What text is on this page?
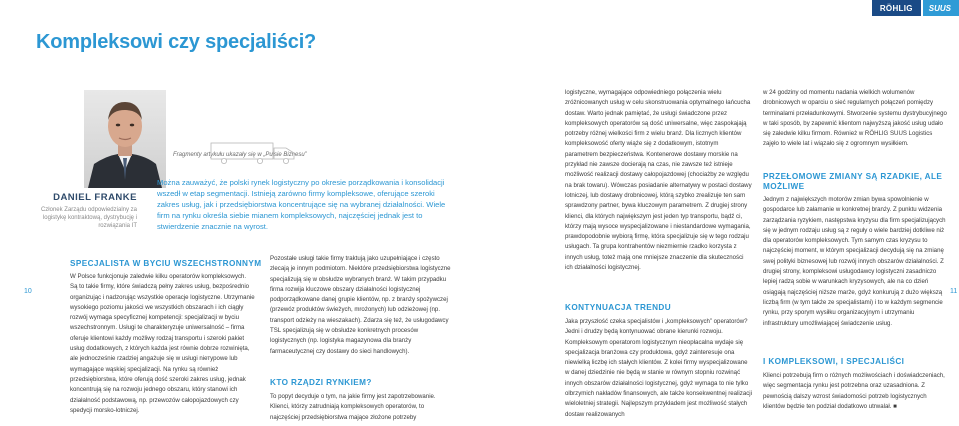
RÖHLIG	SUUS
Kompleksowi czy specjaliści?
Fragmenty artykułu ukazały się w „Pulsie Biznesu”
DANIEL FRANKE
Członek Zarządu odpowiedzialny za logistykę kontraktową, dystrybucję i rozwiązania IT

Można zauważyć, że polski rynek logistyczny po okresie porządkowania i konsolidacji wszedł w etap segmentacji. Istnieją zarówno firmy kompleksowe, oferujące szeroki zakres usług, jak i przedsiębiorstwa koncentrujące się na wybranej działalności. Wiele firm na rynku określa siebie mianem kompleksowych, najczęściej jednak jest to stwierdzenie znacznie na wyrost.

10	11
SPECJALISTA W BYCIU WSZECHSTRONNYM

W Polsce funkcjonuje zaledwie kilku operatorów kompleksowych. Są to takie firmy, które świadczą pełny zakres usług, bezpośrednio organizując i nadzorując wszystkie operacje logistyczne. Utrzymanie wysokiego poziomu jakości we wszystkich obszarach i ich ciągły rozwój wymaga specyficznej kompetencji: specjalizacji w byciu wszechstronnym. Usługi te charakteryzuje uniwersalność – firma oferuje klientowi każdy możliwy rodzaj transportu i szeroki pakiet usług dodatkowych, z których każda jest równie dobrze rozwinięta, ale jednocześnie rzadziej angażuje się w usługi niетypowe lub wymagające wąskiej specjalizacji. Na rynku są również przedsiębiorstwa, które oferują dość szeroki zakres usług, jednak koncentrują się na rozwoju jednego obszaru, który stanowi ich działalność podstawową, np. przewozów całopojazdowych czy spedycji morsko-lotniczej.

Pozostałe usługi takie firmy traktują jako uzupełniające i często zlecają je innym podmiotom. Niektóre przedsiębiorstwa logistyczne specjalizują się w obsłudze wybranych branż. W takim przypadku firma rozwija kluczowe obszary działalności logistycznej podporządkowane danej grupie klientów, np. z branży spożywczej (przewóz produktów świeżych, mrożonych) lub odzieżowej (np. transport odzieży na wieszakach). Zdarza się też, że usługodawcy TSL specjalizują się w obsłudze konkretnych procesów logistycznych (np. logistyka magazynowa dla branży farmaceutycznej czy dostawy do sieci handlowych).

KTO RZĄDZI RYNKIEM?

To popyt decyduje o tym, na jakie firmy jest zapotrzebowanie. Klienci, którzy zatrudniają kompleksowych operatorów, to najczęściej przedsiębiorstwa mające złożone potrzeby

logistyczne, wymagające odpowiedniego połączenia wielu zróżnicowanych usług w celu skonstruowania optymalnego łańcucha dostaw. Warto jednak pamiętać, że usługi świadczone przez kompleksowych operatorów są dość uniwersalne, więc zaspokajają potrzeby różnej wielkości firm z wielu branż. Dla licznych klientów kompleksowość oferty wiąże się z dodatkowym, istotnym parametrem bezpieczeństwa. Kontenerowe dostawy morskie na przykład nie zawsze docierają na czas, nie zawsze też istnieje możliwość realizacji dostawy całopojazdowej (chociażby ze względu na brak towaru). Wówczas posiadanie alternatywy w postaci dostawy lotniczej, lub dostawy drobnicowej, którą szybko zrealizuje ten sam sprawdzony partner, bywa kluczowym parametrem. Z drugiej strony klienci, dla których największym jest jeden typ transportu, bądź ci, którzy mają wysoce wyspecjalizowane i niestandardowe wymagania, prawdopodobnie wybiorą firmę, która specjalizuje się w tego rodzaju usługach. Ta grupa kontrahentów niezmiernie rzadko korzysta z innych usług, toteż mają one mniejsze znaczenie dla skuteczności ich działalności logistycznej.

KONTYNUACJA TRENDU

Jaka przyszłość czeka specjalistów i „kompleksowych” operatorów? Jedni i drudzy będą kontynuować obrane kierunki rozwoju. Kompleksowym operatorom logistycznym nieopłacalna wydaje się specjalizacja branżowa czy produktowa, gdyż zainteresuje ona niewielką liczbę ich stałych klientów. Z kolei firmy wyspecjalizowane w danej dziedzinie nie będą w stanie w równym stopniu rozwinąć innych obszarów działalności logistycznej, gdyż wymaga to nie tylko olbrzymich nakładów finansowych, ale także konsekwentnej realizacji wieloletniej strategii. Najlepszym przykładem jest możliwość stałych dostaw realizowanych

w 24 godziny od momentu nadania wielkich wolumenów drobnicowych w oparciu o sieć regularnych połączeń pomiędzy terminalami przeładunkowymi. Stworzenie systemu dystrybucyjnego w taki sposób, by zapewnić klientom najwyższą jakość usług udało się zaledwie kilku firmom. Również w RÖHLIG SUUS Logistics zajęło to wiele lat i wiązało się z ogromnym wysiłkiem.

PRZEŁOMOWE ZMIANY SĄ RZADKIE, ALE MOŻLIWE

Jednym z największych motorów zmian bywa spowolnienie w gospodarce lub załamanie w konkretnej branży. Z punktu widzenia zarządzania ryzykiem, następstwa kryzysu dla firm specjalizujących się w jednym rodzaju usług są z reguły o wiele bardziej dotkliwe niż dla operatorów kompleksowych. Tym samym czas kryzysu to najczęściej moment, w którym specjalizacji decydują się na zmianę swej polityki biznesowej lub rozwój innych obszarów działalności. Z drugiej strony, kompleksowi usługodawcy logistyczni zasadniczo lepiej radzą sobie w warunkach kryzysowych, ale na co dzień osiągają najczęściej niższe marże, gdyż konkurują z dużo większą liczbą firm (w tym także ze specjalistami) i to w każdym segmencie rynku, przy sporym wysiłku organizacyjnym i utrzymaniu infrastruktury umożliwiającej świadczenie usług.

I KOMPLEKSOWI, I SPECJALIŚCI

Klienci potrzebują firm o różnych możliwościach i doświadczeniach, więc segmentacja rynku jest potrzebna oraz uzasadniona. Z pewnością dalszy wzrost świadomości potrzeb logistycznych klientów będzie ten podział dodatkowo utrwalał. ■
